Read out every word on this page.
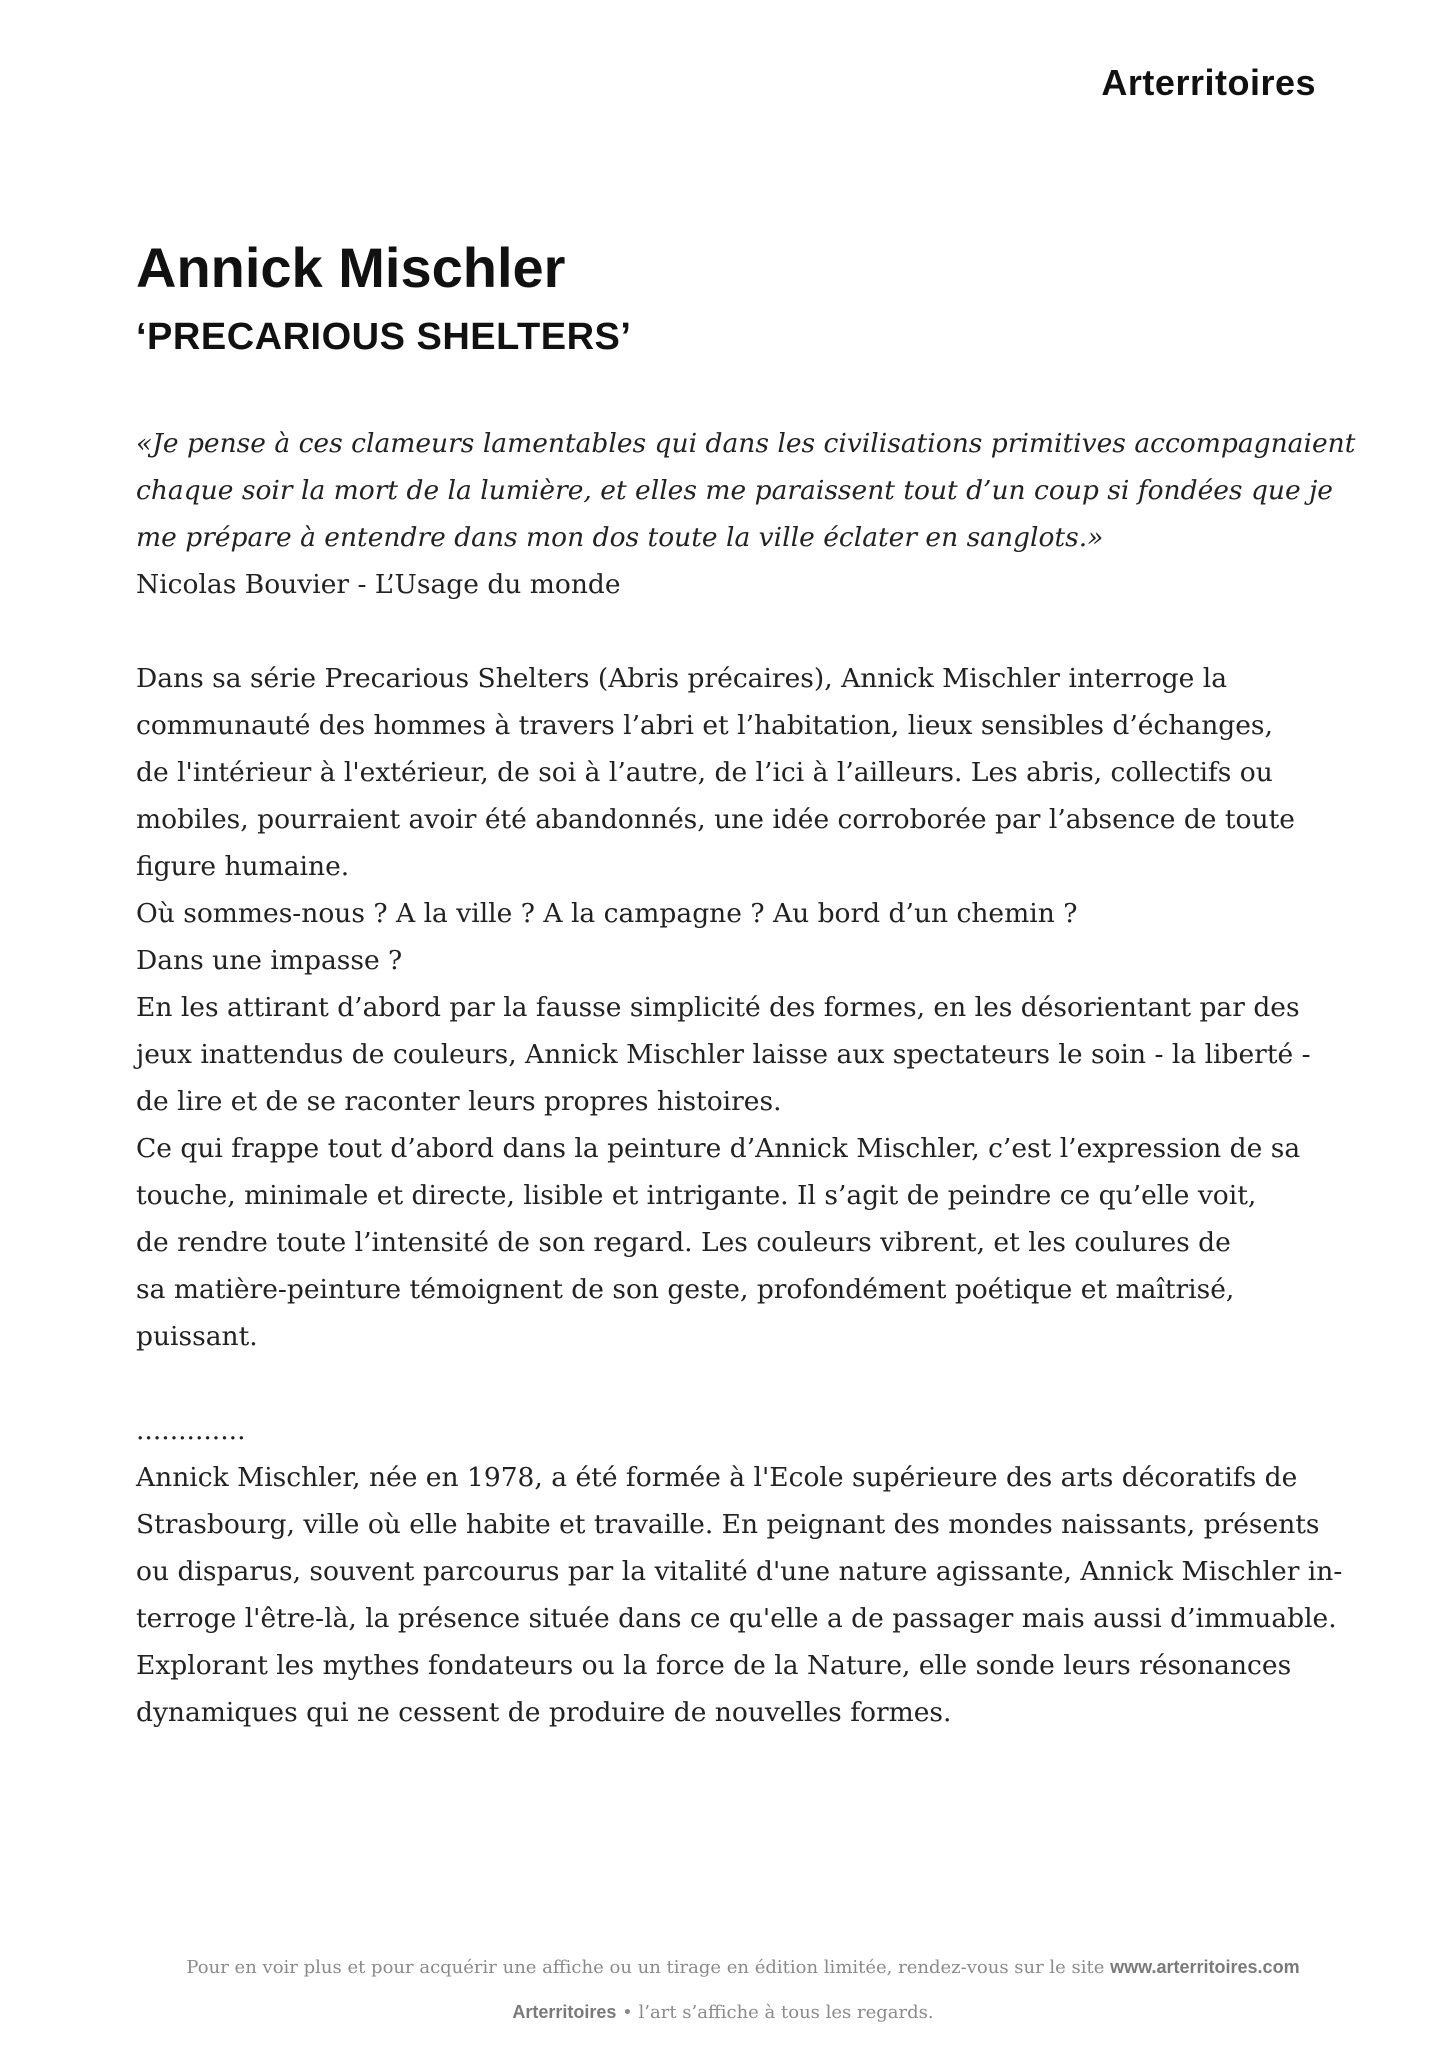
Arterritoires
Annick Mischler
‘PRECARIOUS SHELTERS’

«Je pense à ces clameurs lamentables qui dans les civilisations primitives accompagnaient
chaque soir la mort de la lumière, et elles me paraissent tout d’un coup si fondées que je
me prépare à entendre dans mon dos toute la ville éclater en sanglots.»

Nicolas Bouvier - L’Usage du monde

Dans sa série Precarious Shelters (Abris précaires), Annick Mischler interroge la
communauté des hommes à travers l’abri et l’habitation, lieux sensibles d’échanges,
de l'intérieur à l'extérieur, de soi à l’autre, de l’ici à l’ailleurs. Les abris, collectifs ou
mobiles, pourraient avoir été abandonnés, une idée corroborée par l’absence de toute
figure humaine.
Où sommes-nous ? A la ville ? A la campagne ? Au bord d’un chemin ?
Dans une impasse ?
En les attirant d’abord par la fausse simplicité des formes, en les désorientant par des
jeux inattendus de couleurs, Annick Mischler laisse aux spectateurs le soin - la liberté -
de lire et de se raconter leurs propres histoires.
Ce qui frappe tout d’abord dans la peinture d’Annick Mischler, c’est l’expression de sa
touche, minimale et directe, lisible et intrigante. Il s’agit de peindre ce qu’elle voit,
de rendre toute l’intensité de son regard. Les couleurs vibrent, et les coulures de
sa matière-peinture témoignent de son geste, profondément poétique et maîtrisé,
puissant.
.............
Annick Mischler, née en 1978, a été formée à l'Ecole supérieure des arts décoratifs de
Strasbourg, ville où elle habite et travaille. En peignant des mondes naissants, présents
ou disparus, souvent parcourus par la vitalité d'une nature agissante, Annick Mischler in-
terroge l'être-là, la présence située dans ce qu'elle a de passager mais aussi d’immuable.
Explorant les mythes fondateurs ou la force de la Nature, elle sonde leurs résonances
dynamiques qui ne cessent de produire de nouvelles formes.
Pour en voir plus et pour acquérir une affiche ou un tirage en édition limitée, rendez-vous sur le site www.arterritoires.com
Arterritoires • l’art s’affiche à tous les regards.
